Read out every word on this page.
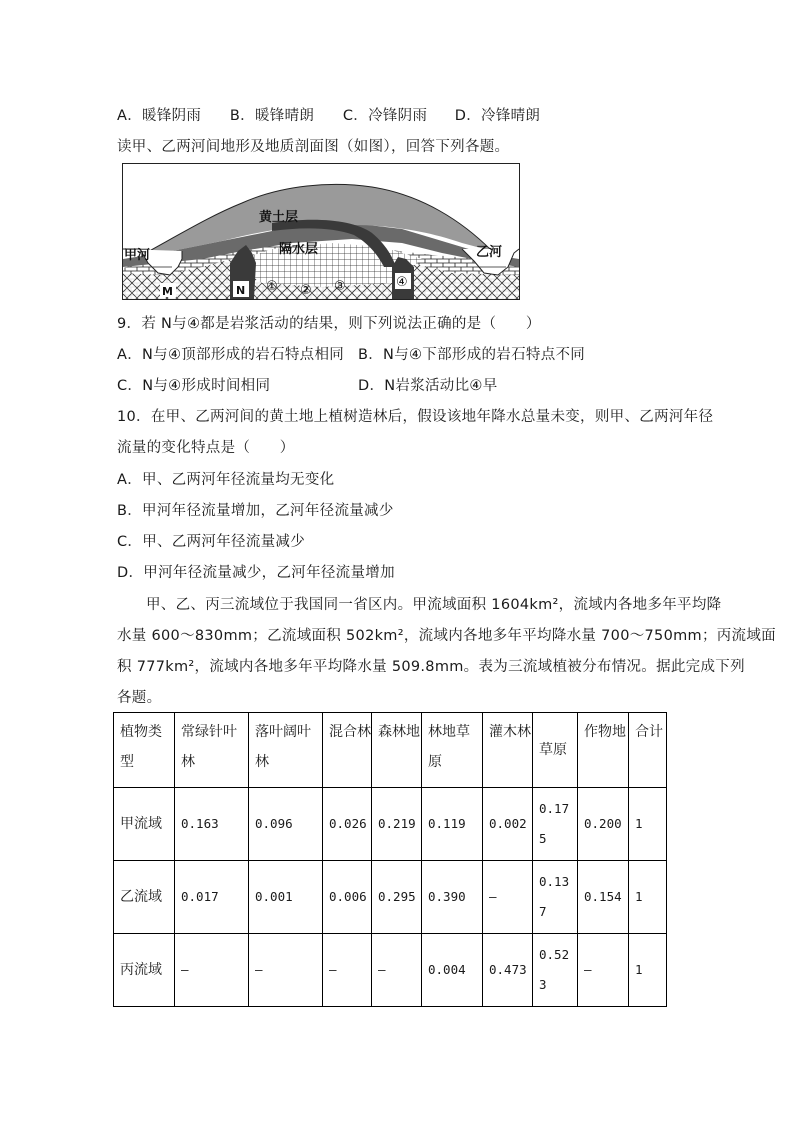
A．暖锋阴雨 B．暖锋晴朗 C．冷锋阴雨 D．冷锋晴朗
读甲、乙两河间地形及地质剖面图（如图），回答下列各题。
黄土层
隔水层
甲河	乙河
M	N ① ② ③	④
9．若 N与④都是岩浆活动的结果，则下列说法正确的是（　　）
A．N与④顶部形成的岩石特点相同 B．N与④下部形成的岩石特点不同
C．N与④形成时间相同	D．N岩浆活动比④早
10．在甲、乙两河间的黄土地上植树造林后，假设该地年降水总量未变，则甲、乙两河年径
流量的变化特点是（　　）
A．甲、乙两河年径流量均无变化
B．甲河年径流量增加，乙河年径流量减少
C．甲、乙两河年径流量减少
D．甲河年径流量减少，乙河年径流量增加
甲、乙、丙三流域位于我国同一省区内。甲流域面积 1604km²，流域内各地多年平均降
水量 600～830mm；乙流域面积 502km²，流域内各地多年平均降水量 700～750mm；丙流域面
积 777km²，流域内各地多年平均降水量 509.8mm。表为三流域植被分布情况。据此完成下列
各题。
植物类型	常绿针叶林	落叶阔叶林	混合林	森林地	林地草原	灌木林	草原	作物地	合计
甲流域	0.163	0.096	0.026	0.219	0.119	0.002	0.175	0.200	1
乙流域	0.017	0.001	0.006	0.295	0.390	—	0.137	0.154	1
丙流域	—	—	—	—	0.004	0.473	0.523	—	1
